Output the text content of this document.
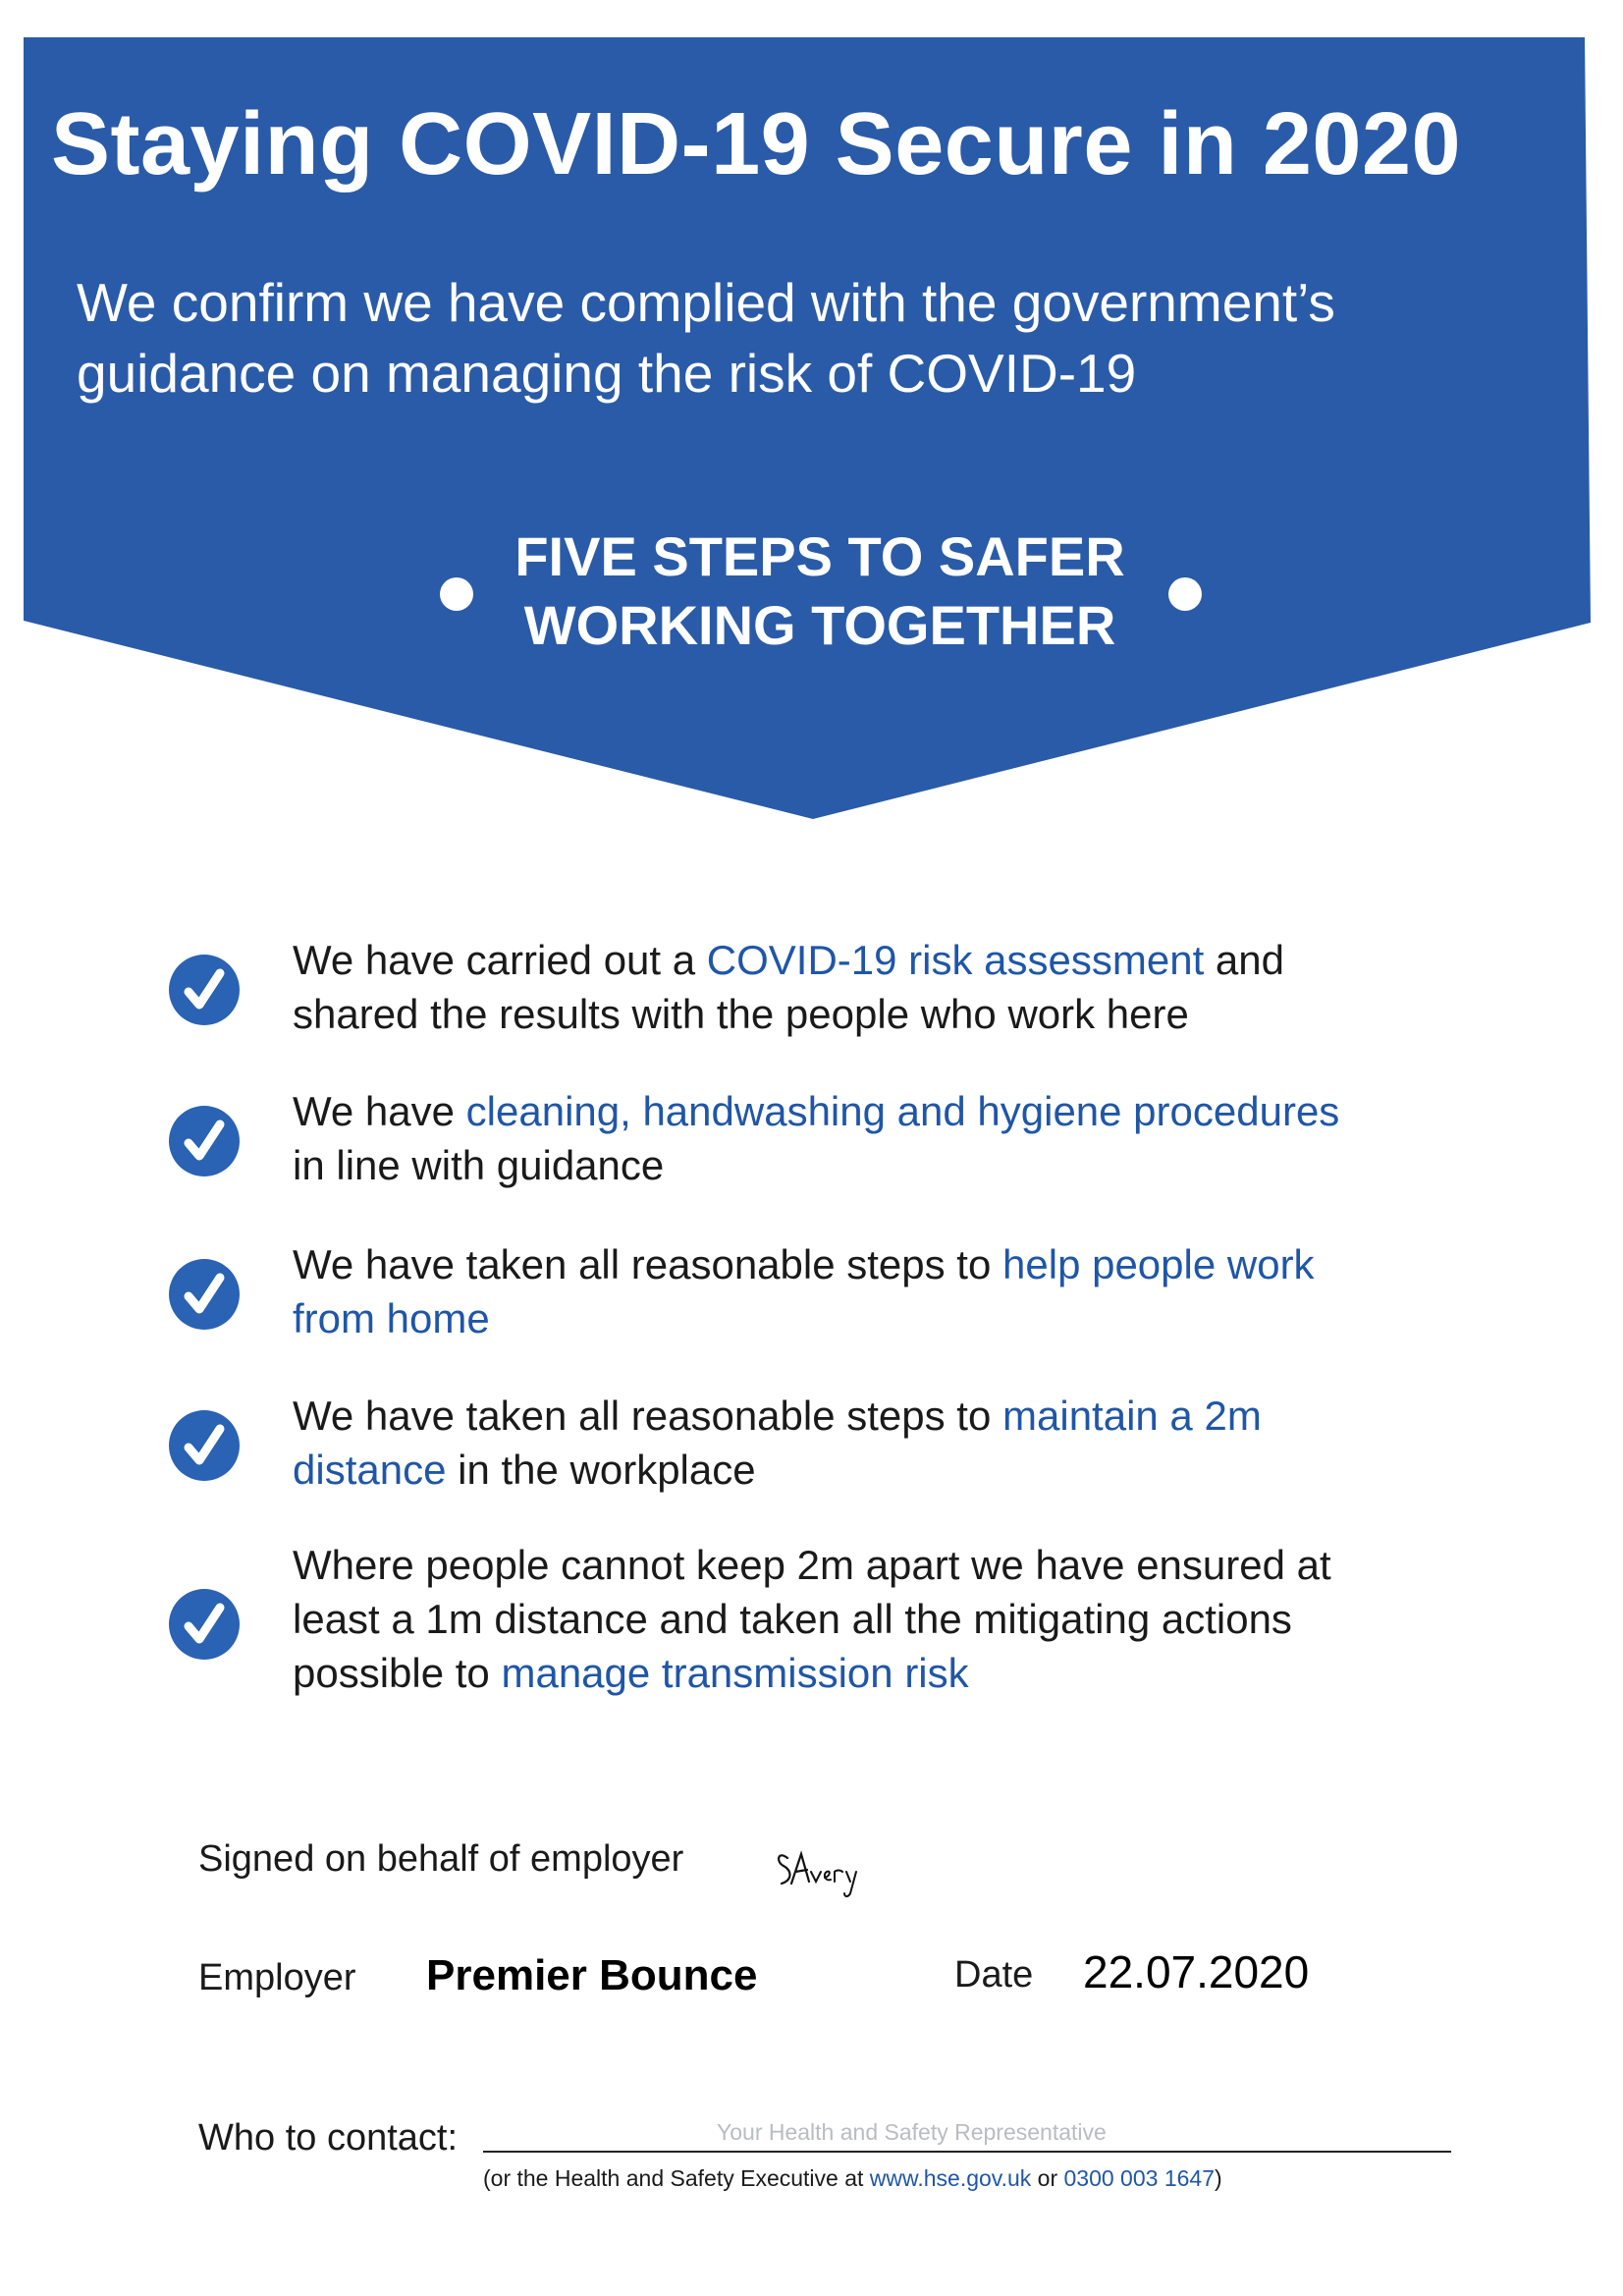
Staying COVID-19 Secure in 2020

We confirm we have complied with the government’s
guidance on managing the risk of COVID-19

FIVE STEPS TO SAFER
WORKING TOGETHER
We have carried out a COVID-19 risk assessment and
shared the results with the people who work here
We have cleaning, handwashing and hygiene procedures
in line with guidance
We have taken all reasonable steps to help people work
from home
We have taken all reasonable steps to maintain a 2m
distance in the workplace
Where people cannot keep 2m apart we have ensured at
least a 1m distance and taken all the mitigating actions
possible to manage transmission risk
Signed on behalf of employer
Employer Premier Bounce	Date 22.07.2020
Who to contact:	Your Health and Safety Representative
(or the Health and Safety Executive at www.hse.gov.uk or 0300 003 1647)
